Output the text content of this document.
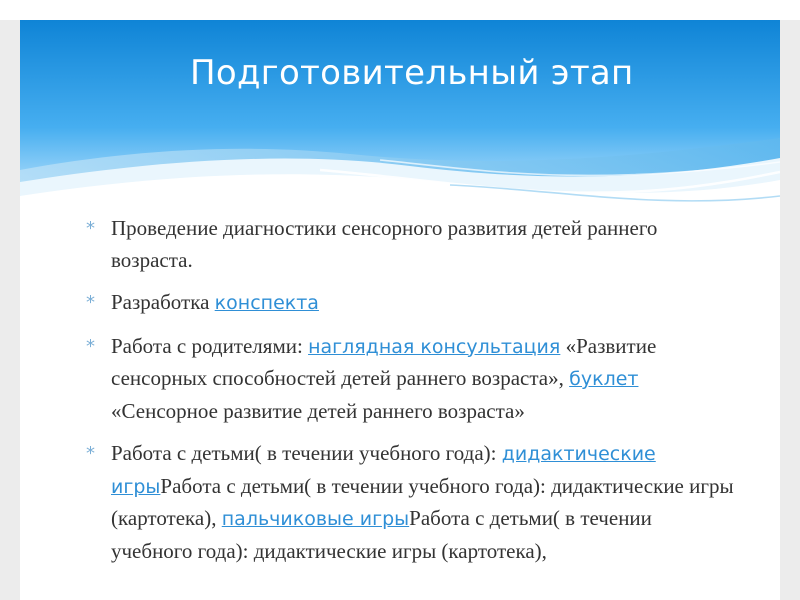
Подготовительный этап
* Проведение диагностики сенсорного развития детей раннего возраста.
* Разработка конспекта
* Работа с родителями: наглядная консультация «Развитие сенсорных способностей детей раннего возраста», буклет «Сенсорное развитие детей раннего возраста»
* Работа с детьми( в течении учебного года): дидактические игрыРабота с детьми( в течении учебного года): дидактические игры (картотека), пальчиковые игрыРабота с детьми( в течении учебного года): дидактические игры (картотека),
